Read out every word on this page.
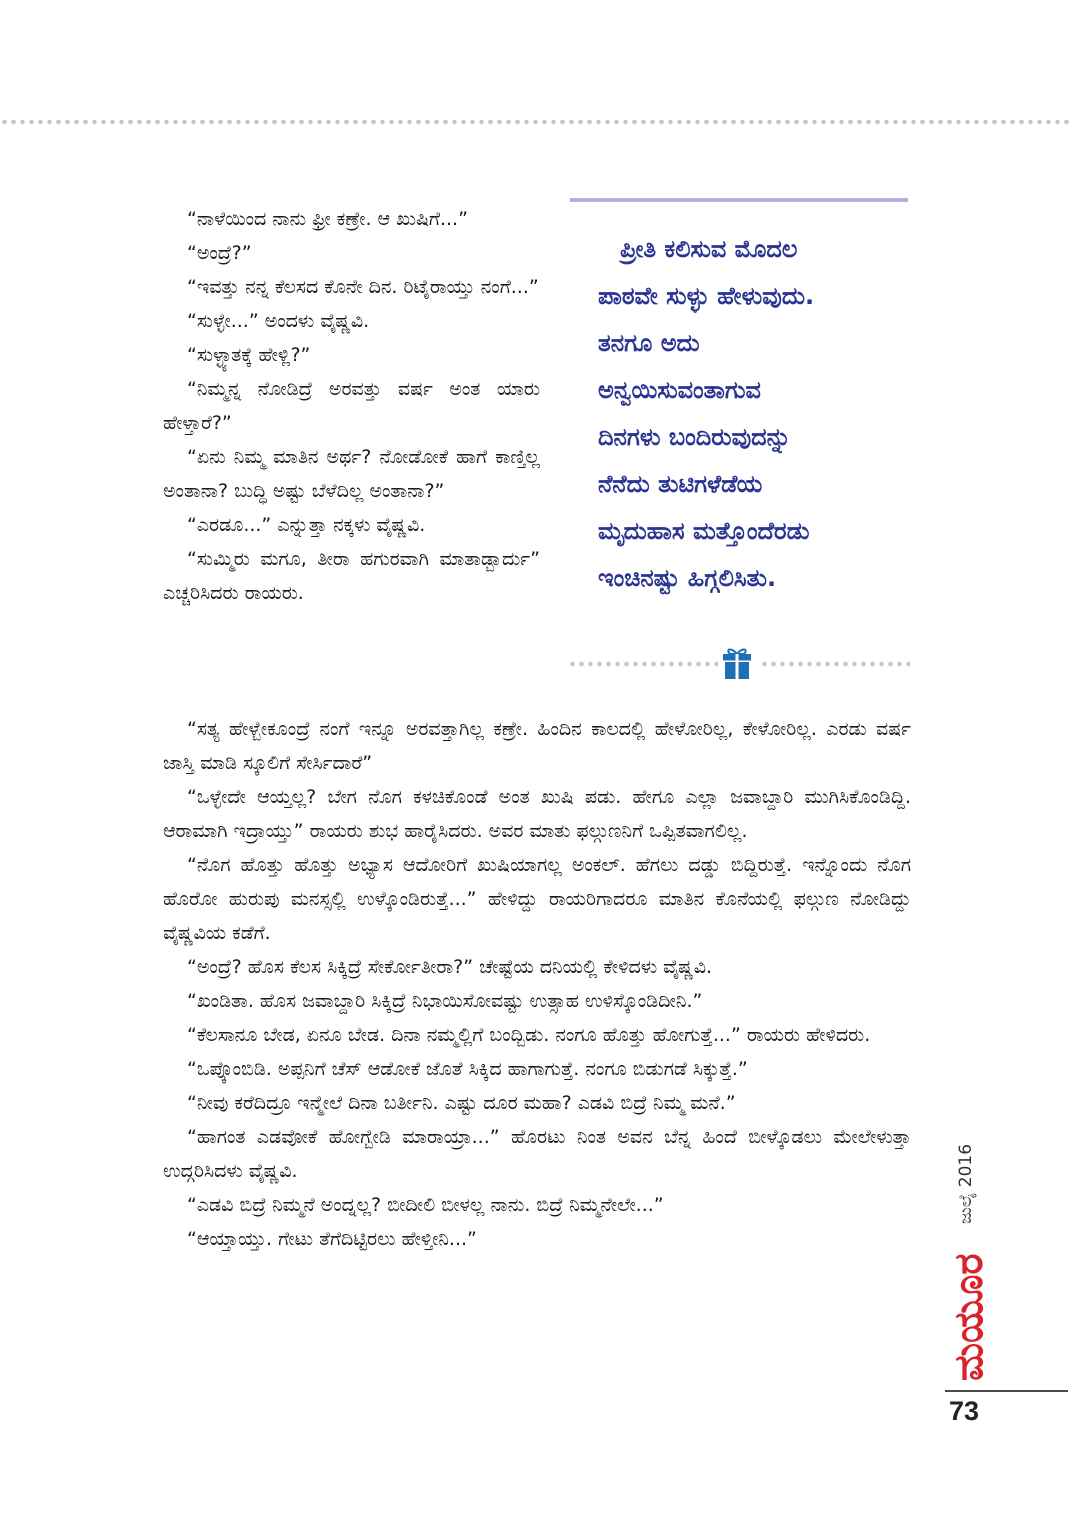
“ನಾಳೆಯಿಂದ ನಾನು ಫ್ರೀ ಕಣ್ರೇ. ಆ ಖುಷಿಗೆ...”

“ಅಂದ್ರೆ?”

“ಇವತ್ತು ನನ್ನ ಕೆಲಸದ ಕೊನೇ ದಿನ. ರಿಟೈರಾಯ್ತು ನಂಗೆ...”

“ಸುಳ್ಳೇ...” ಅಂದಳು ವೈಷ್ಣವಿ.

“ಸುಳ್ಳ್ಯಾತಕ್ಕೆ ಹೇಳ್ಲಿ?”

“ನಿಮ್ಮನ್ನ ನೋಡಿದ್ರೆ ಅರವತ್ತು ವರ್ಷ ಅಂತ ಯಾರು ಹೇಳ್ತಾರೆ?”

“ಏನು ನಿಮ್ಮ ಮಾತಿನ ಅರ್ಥ? ನೋಡೋಕೆ ಹಾಗೆ ಕಾಣ್ತಿಲ್ಲ ಅಂತಾನಾ? ಬುದ್ಧಿ ಅಷ್ಟು ಬೆಳೆದಿಲ್ಲ ಅಂತಾನಾ?”

“ಎರಡೂ...” ಎನ್ನುತ್ತಾ ನಕ್ಕಳು ವೈಷ್ಣವಿ.

“ಸುಮ್ಮಿರು ಮಗೂ, ತೀರಾ ಹಗುರವಾಗಿ ಮಾತಾಡ್ಬಾರ್ದು” ಎಚ್ಚರಿಸಿದರು ರಾಯರು.

ಪ್ರೀತಿ ಕಲಿಸುವ ಮೊದಲ
ಪಾಠವೇ ಸುಳ್ಳು ಹೇಳುವುದು.
ತನಗೂ ಅದು
ಅನ್ವಯಿಸುವಂತಾಗುವ
ದಿನಗಳು ಬಂದಿರುವುದನ್ನು
ನೆನೆದು ತುಟಿಗಳೆಡೆಯ
ಮೃದುಹಾಸ ಮತ್ತೊಂದೆರಡು
ಇಂಚಿನಷ್ಟು ಹಿಗ್ಗಲಿಸಿತು.

“ಸತ್ಯ ಹೇಳ್ಬೇಕೂಂದ್ರೆ ನಂಗೆ ಇನ್ನೂ ಅರವತ್ತಾಗಿಲ್ಲ ಕಣ್ರೇ. ಹಿಂದಿನ ಕಾಲದಲ್ಲಿ ಹೇಳೋರಿಲ್ಲ, ಕೇಳೋರಿಲ್ಲ. ಎರಡು ವರ್ಷ ಜಾಸ್ತಿ ಮಾಡಿ ಸ್ಕೂಲಿಗೆ ಸೇರ್ಸಿದಾರೆ”

“ಒಳ್ಳೇದೇ ಆಯ್ತಲ್ಲ? ಬೇಗ ನೊಗ ಕಳಚಿಕೊಂಡೆ ಅಂತ ಖುಷಿ ಪಡು. ಹೇಗೂ ಎಲ್ಲಾ ಜವಾಬ್ದಾರಿ ಮುಗಿಸಿಕೊಂಡಿದ್ದಿ. ಆರಾಮಾಗಿ ಇದ್ರಾಯ್ತು” ರಾಯರು ಶುಭ ಹಾರೈಸಿದರು. ಅವರ ಮಾತು ಫಲ್ಗುಣನಿಗೆ ಒಪ್ಪಿತವಾಗಲಿಲ್ಲ.

“ನೊಗ ಹೊತ್ತು ಹೊತ್ತು ಅಭ್ಯಾಸ ಆದೋರಿಗೆ ಖುಷಿಯಾಗಲ್ಲ ಅಂಕಲ್. ಹೆಗಲು ದಡ್ಡು ಬಿದ್ದಿರುತ್ತೆ. ಇನ್ನೊಂದು ನೊಗ ಹೊರೋ ಹುರುಪು ಮನಸ್ಸಲ್ಲಿ ಉಳ್ಕೊಂಡಿರುತ್ತೆ...” ಹೇಳಿದ್ದು ರಾಯರಿಗಾದರೂ ಮಾತಿನ ಕೊನೆಯಲ್ಲಿ ಫಲ್ಗುಣ ನೋಡಿದ್ದು ವೈಷ್ಣವಿಯ ಕಡೆಗೆ.

“ಅಂದ್ರೆ? ಹೊಸ ಕೆಲಸ ಸಿಕ್ಕಿದ್ರೆ ಸೇರ್ಕೋತೀರಾ?” ಚೇಷ್ಟೆಯ ದನಿಯಲ್ಲಿ ಕೇಳಿದಳು ವೈಷ್ಣವಿ.

“ಖಂಡಿತಾ. ಹೊಸ ಜವಾಬ್ದಾರಿ ಸಿಕ್ಕಿದ್ರೆ ನಿಭಾಯಿಸೋವಷ್ಟು ಉತ್ಸಾಹ ಉಳಿಸ್ಕೊಂಡಿದೀನಿ.”

“ಕೆಲಸಾನೂ ಬೇಡ, ಏನೂ ಬೇಡ. ದಿನಾ ನಮ್ಮಲ್ಲಿಗೆ ಬಂದ್ಬಿಡು. ನಂಗೂ ಹೊತ್ತು ಹೋಗುತ್ತೆ...” ರಾಯರು ಹೇಳಿದರು.

“ಒಪ್ಕೊಂಬಿಡಿ. ಅಪ್ಪನಿಗೆ ಚೆಸ್ ಆಡೋಕೆ ಜೊತೆ ಸಿಕ್ಕಿದ ಹಾಗಾಗುತ್ತೆ. ನಂಗೂ ಬಿಡುಗಡೆ ಸಿಕ್ಕುತ್ತೆ.”

“ನೀವು ಕರೆದಿದ್ರೂ ಇನ್ಮೇಲೆ ದಿನಾ ಬರ್ತೀನಿ. ಎಷ್ಟು ದೂರ ಮಹಾ? ಎಡವಿ ಬಿದ್ರೆ ನಿಮ್ಮ ಮನೆ.”

“ಹಾಗಂತ ಎಡವೋಕೆ ಹೋಗ್ಬೇಡಿ ಮಾರಾಯ್ರಾ...” ಹೊರಟು ನಿಂತ ಅವನ ಬೆನ್ನ ಹಿಂದೆ ಬೀಳ್ಕೊಡಲು ಮೇಲೇಳುತ್ತಾ ಉದ್ಗರಿಸಿದಳು ವೈಷ್ಣವಿ.

“ಎಡವಿ ಬಿದ್ರೆ ನಿಮ್ಮನೆ ಅಂದ್ನಲ್ಲ? ಬೀದೀಲಿ ಬೀಳಲ್ಲ ನಾನು. ಬಿದ್ರೆ ನಿಮ್ಮನೇಲೇ...”

“ಆಯ್ತಾಯ್ತು. ಗೇಟು ತೆಗೆದಿಟ್ಟಿರಲು ಹೇಳ್ತೀನಿ...”

ಜುಲೈ 2016
ಮಯೂರ
73
